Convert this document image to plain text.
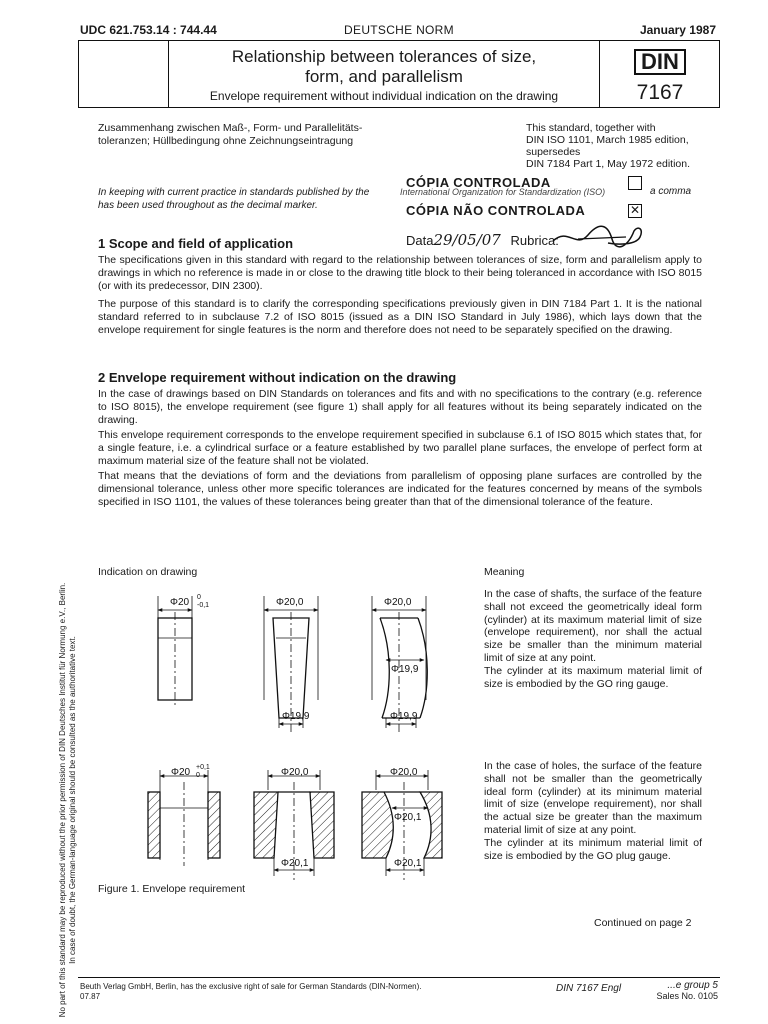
UDC 621.753.14 : 744.44	DEUTSCHE NORM	January 1987
Relationship between tolerances of size,
form, and parallelism
Envelope requirement without individual indication on the drawing
DIN
7167
Zusammenhang zwischen Maß-, Form- und Parallelitäts-
toleranzen; Hüllbedingung ohne Zeichnungseintragung
This standard, together with
DIN ISO 1101, March 1985 edition,
supersedes
DIN 7184 Part 1, May 1972 edition.
In keeping with current practice in standards published by the
has been used throughout as the decimal marker.
a comma
International Organization for Standardization (ISO)
CÓPIA CONTROLADA
CÓPIA NÃO CONTROLADA	✕
Data29/05/07 Rubrica:
1 Scope and field of application

The specifications given in this standard with regard to the relationship between tolerances of size, form and parallelism apply to drawings in which no reference is made in or close to the drawing title block to their being toleranced in accordance with ISO 8015 (or with its predecessor, DIN 2300).

The purpose of this standard is to clarify the corresponding specifications previously given in DIN 7184 Part 1. It is the national standard referred to in subclause 7.2 of ISO 8015 (issued as a DIN ISO Standard in July 1986), which lays down that the envelope requirement for single features is the norm and therefore does not need to be separately specified on the drawing.

2 Envelope requirement without indication on the drawing

In the case of drawings based on DIN Standards on tolerances and fits and with no specifications to the contrary (e.g. reference to ISO 8015), the envelope requirement (see figure 1) shall apply for all features without its being separately indicated on the drawing.

This envelope requirement corresponds to the envelope requirement specified in subclause 6.1 of ISO 8015 which states that, for a single feature, i.e. a cylindrical surface or a feature established by two parallel plane surfaces, the envelope of perfect form at maximum material size of the feature shall not be violated.

That means that the deviations of form and the deviations from parallelism of opposing plane surfaces are controlled by the dimensional tolerance, unless other more specific tolerances are indicated for the features concerned by means of the symbols specified in ISO 1101, the values of these tolerances being greater than that of the dimensional tolerance of the feature.

Indication on drawing	Meaning

In the case of shafts, the surface of the feature shall not exceed the geometrically ideal form (cylinder) at its maximum material limit of size (envelope requirement), nor shall the actual size be smaller than the minimum material limit of size at any point.

The cylinder at its maximum material limit of size is embodied by the GO ring gauge.

In the case of holes, the surface of the feature shall not be smaller than the geometrically ideal form (cylinder) at its minimum material limit of size (envelope requirement), nor shall the actual size be greater than the maximum material limit of size at any point.

The cylinder at its minimum material limit of size is embodied by the GO plug gauge.

Φ20 0
-0,1	Φ20,0
Φ19,9
Φ20,0
Φ19,9
Φ19,9
Φ20 +0,1
0	Φ20,0
Φ20,1
Φ20,0
Φ20,1
Φ20,1
Figure 1. Envelope requirement
Continued on page 2
Beuth Verlag GmbH, Berlin, has the exclusive right of sale for German Standards (DIN-Normen).
07.87
DIN 7167 Engl	...e group 5
Sales No. 0105
No part of this standard may be reproduced without the prior permission of DIN Deutsches Institut für Normung e.V., Berlin. In case of doubt, the German-language original should be consulted as the authoritative text.
